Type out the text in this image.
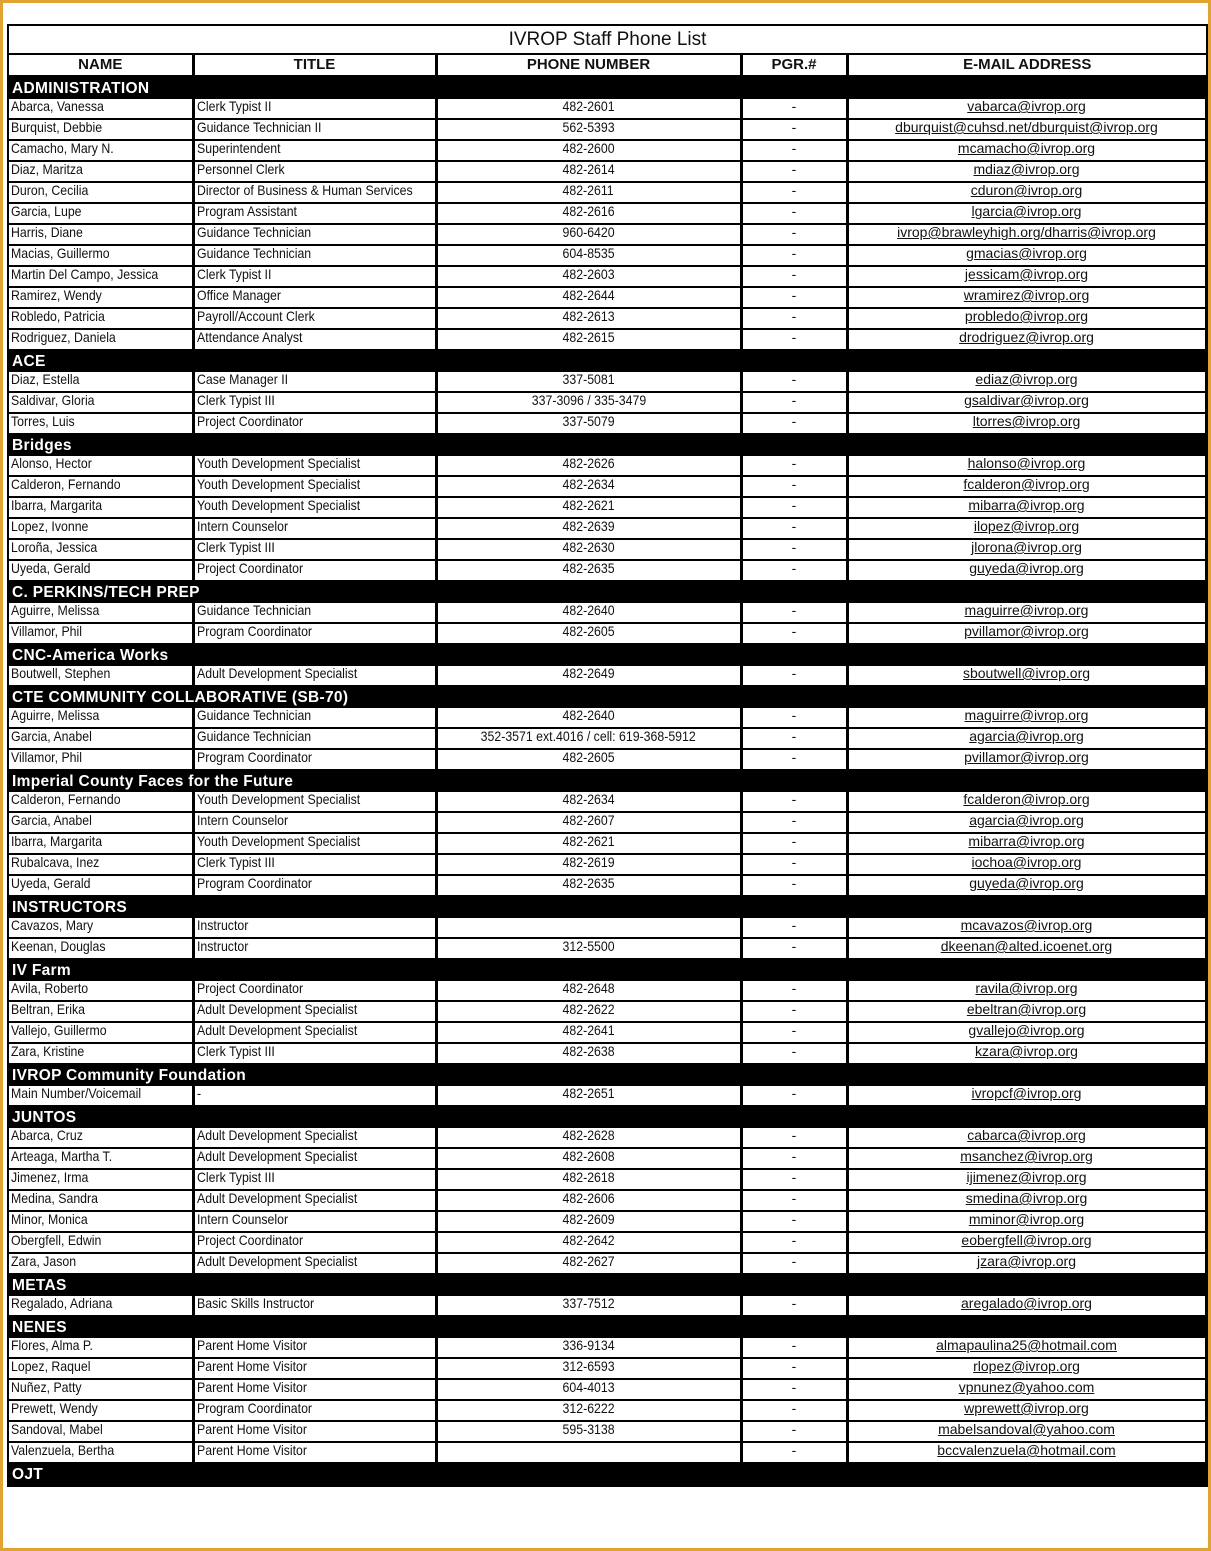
IVROP Staff Phone List
NAME	TITLE	PHONE NUMBER	PGR.#	E-MAIL ADDRESS
ADMINISTRATION				
Abarca, Vanessa	Clerk Typist II	482-2601	-	vabarca@ivrop.org
Burquist, Debbie	Guidance Technician II	562-5393	-	dburquist@cuhsd.net/dburquist@ivrop.org
Camacho, Mary N.	Superintendent	482-2600	-	mcamacho@ivrop.org
Diaz, Maritza	Personnel Clerk	482-2614	-	mdiaz@ivrop.org
Duron, Cecilia	Director of Business & Human Services	482-2611	-	cduron@ivrop.org
Garcia, Lupe	Program Assistant	482-2616	-	lgarcia@ivrop.org
Harris, Diane	Guidance Technician	960-6420	-	ivrop@brawleyhigh.org/dharris@ivrop.org
Macias, Guillermo	Guidance Technician	604-8535	-	gmacias@ivrop.org
Martin Del Campo, Jessica	Clerk Typist II	482-2603	-	jessicam@ivrop.org
Ramirez, Wendy	Office Manager	482-2644	-	wramirez@ivrop.org
Robledo, Patricia	Payroll/Account Clerk	482-2613	-	probledo@ivrop.org
Rodriguez, Daniela	Attendance Analyst	482-2615	-	drodriguez@ivrop.org
ACE				
Diaz, Estella	Case Manager II	337-5081	-	ediaz@ivrop.org
Saldivar, Gloria	Clerk Typist III	337-3096 / 335-3479	-	gsaldivar@ivrop.org
Torres, Luis	Project Coordinator	337-5079	-	ltorres@ivrop.org
Bridges				
Alonso, Hector	Youth Development Specialist	482-2626	-	halonso@ivrop.org
Calderon, Fernando	Youth Development Specialist	482-2634	-	fcalderon@ivrop.org
Ibarra, Margarita	Youth Development Specialist	482-2621	-	mibarra@ivrop.org
Lopez, Ivonne	Intern Counselor	482-2639	-	ilopez@ivrop.org
Loroña, Jessica	Clerk Typist III	482-2630	-	jlorona@ivrop.org
Uyeda, Gerald	Project Coordinator	482-2635	-	guyeda@ivrop.org
C. PERKINS/TECH PREP				
Aguirre, Melissa	Guidance Technician	482-2640	-	maguirre@ivrop.org
Villamor, Phil	Program Coordinator	482-2605	-	pvillamor@ivrop.org
CNC-America Works				
Boutwell, Stephen	Adult Development Specialist	482-2649	-	sboutwell@ivrop.org
CTE COMMUNITY COLLABORATIVE (SB-70)				
Aguirre, Melissa	Guidance Technician	482-2640	-	maguirre@ivrop.org
Garcia, Anabel	Guidance Technician	352-3571 ext.4016 / cell: 619-368-5912	-	agarcia@ivrop.org
Villamor, Phil	Program Coordinator	482-2605	-	pvillamor@ivrop.org
Imperial County Faces for the Future				
Calderon, Fernando	Youth Development Specialist	482-2634	-	fcalderon@ivrop.org
Garcia, Anabel	Intern Counselor	482-2607	-	agarcia@ivrop.org
Ibarra, Margarita	Youth Development Specialist	482-2621	-	mibarra@ivrop.org
Rubalcava, Inez	Clerk Typist III	482-2619	-	iochoa@ivrop.org
Uyeda, Gerald	Program Coordinator	482-2635	-	guyeda@ivrop.org
INSTRUCTORS				
Cavazos, Mary	Instructor		-	mcavazos@ivrop.org
Keenan, Douglas	Instructor	312-5500	-	dkeenan@alted.icoenet.org
IV Farm				
Avila, Roberto	Project Coordinator	482-2648	-	ravila@ivrop.org
Beltran, Erika	Adult Development Specialist	482-2622	-	ebeltran@ivrop.org
Vallejo, Guillermo	Adult Development Specialist	482-2641	-	gvallejo@ivrop.org
Zara, Kristine	Clerk Typist III	482-2638	-	kzara@ivrop.org
IVROP Community Foundation				
Main Number/Voicemail	-	482-2651	-	ivropcf@ivrop.org
JUNTOS				
Abarca, Cruz	Adult Development Specialist	482-2628	-	cabarca@ivrop.org
Arteaga, Martha T.	Adult Development Specialist	482-2608	-	msanchez@ivrop.org
Jimenez, Irma	Clerk Typist III	482-2618	-	ijimenez@ivrop.org
Medina, Sandra	Adult Development Specialist	482-2606	-	smedina@ivrop.org
Minor, Monica	Intern Counselor	482-2609	-	mminor@ivrop.org
Obergfell, Edwin	Project Coordinator	482-2642	-	eobergfell@ivrop.org
Zara, Jason	Adult Development Specialist	482-2627	-	jzara@ivrop.org
METAS				
Regalado, Adriana	Basic Skills Instructor	337-7512	-	aregalado@ivrop.org
NENES				
Flores, Alma P.	Parent Home Visitor	336-9134	-	almapaulina25@hotmail.com
Lopez, Raquel	Parent Home Visitor	312-6593	-	rlopez@ivrop.org
Nuñez, Patty	Parent Home Visitor	604-4013	-	vpnunez@yahoo.com
Prewett, Wendy	Program Coordinator	312-6222	-	wprewett@ivrop.org
Sandoval, Mabel	Parent Home Visitor	595-3138	-	mabelsandoval@yahoo.com
Valenzuela, Bertha	Parent Home Visitor		-	bccvalenzuela@hotmail.com
OJT				
